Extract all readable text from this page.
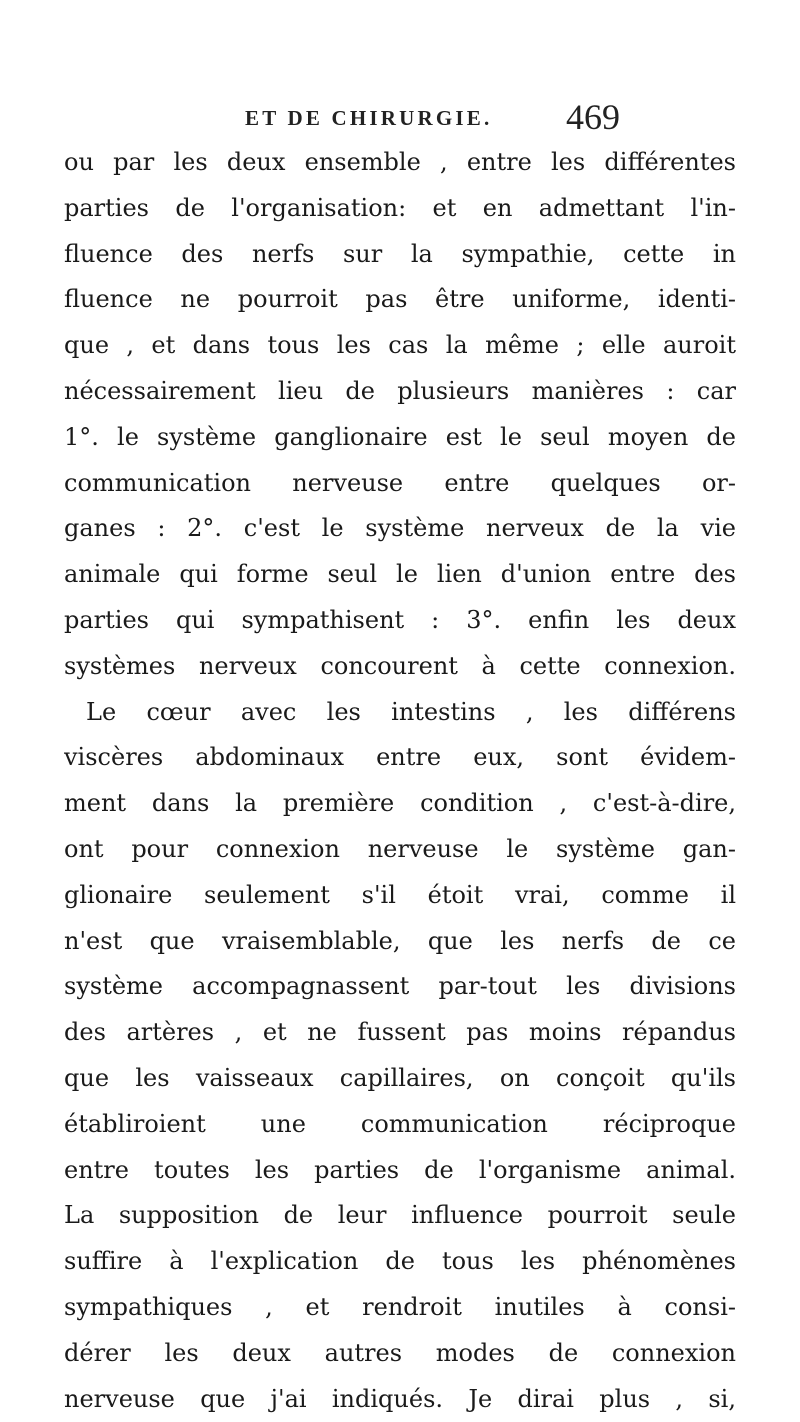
ET DE CHIRURGIE. 469
ou par les deux ensemble , entre les différentes
parties de l'organisation: et en admettant l'in-
fluence des nerfs sur la sympathie, cette in
fluence ne pourroit pas être uniforme, identi-
que , et dans tous les cas la même ; elle auroit
nécessairement lieu de plusieurs manières : car
1°. le système ganglionaire est le seul moyen de
communication nerveuse entre quelques or-
ganes : 2°. c'est le système nerveux de la vie
animale qui forme seul le lien d'union entre des
parties qui sympathisent : 3°. enfin les deux
systèmes nerveux concourent à cette connexion.
Le cœur avec les intestins , les différens
viscères abdominaux entre eux, sont évidem-
ment dans la première condition , c'est-à-dire,
ont pour connexion nerveuse le système gan-
glionaire seulement s'il étoit vrai, comme il
n'est que vraisemblable, que les nerfs de ce
système accompagnassent par-tout les divisions
des artères , et ne fussent pas moins répandus
que les vaisseaux capillaires, on conçoit qu'ils
établiroient une communication réciproque
entre toutes les parties de l'organisme animal.
La supposition de leur influence pourroit seule
suffire à l'explication de tous les phénomènes
sympathiques , et rendroit inutiles à consi-
dérer les deux autres modes de connexion
nerveuse que j'ai indiqués. Je dirai plus , si,
